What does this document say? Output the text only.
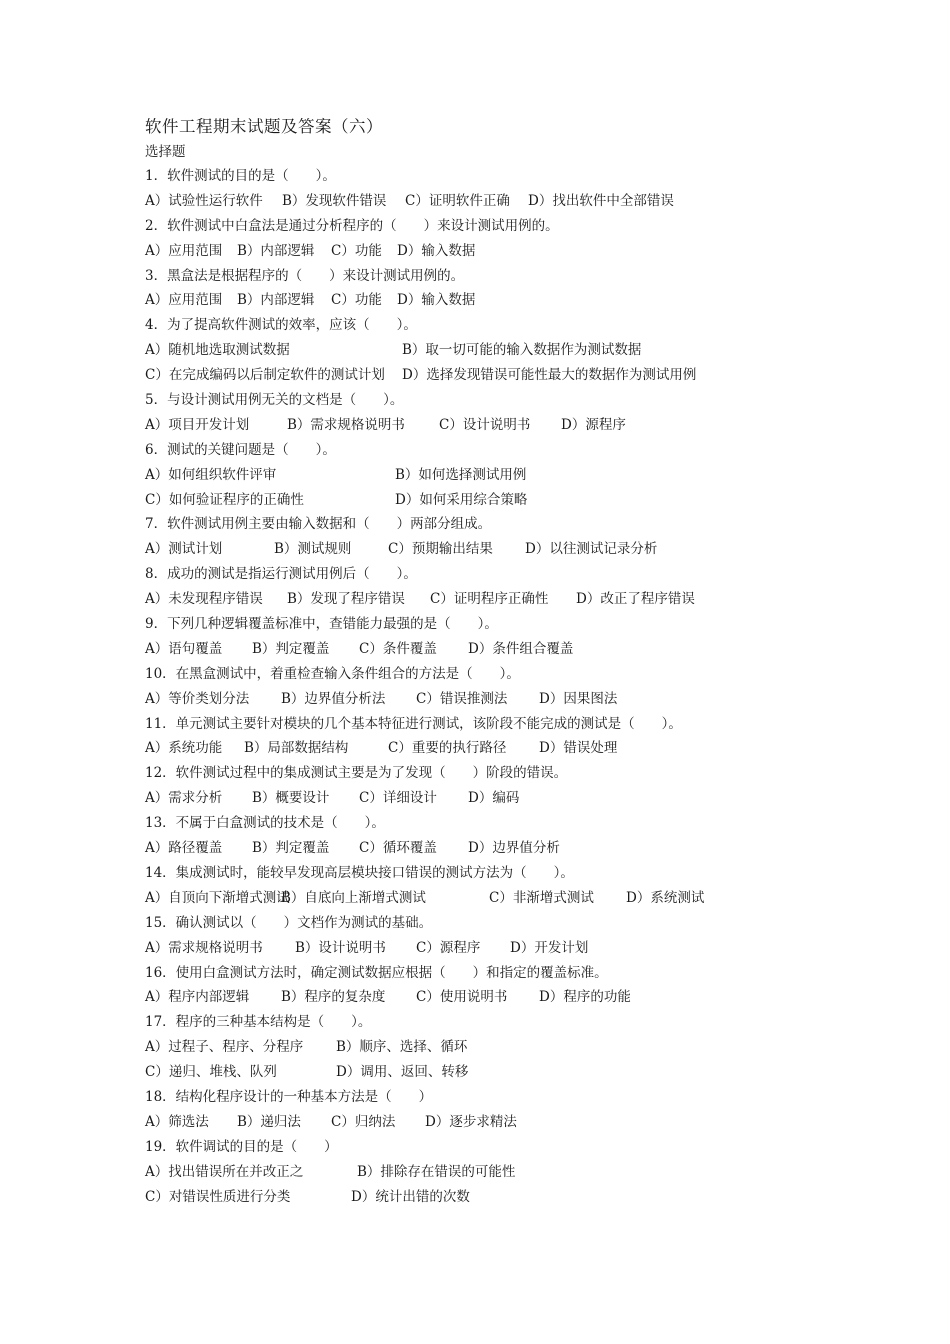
软件工程期末试题及答案（六）
选择题
1．软件测试的目的是（　　）。
A）试验性运行软件 B）发现软件错误 C）证明软件正确 D）找出软件中全部错误
2．软件测试中白盒法是通过分析程序的（　　）来设计测试用例的。
A）应用范围 B）内部逻辑 C）功能 D）输入数据
3．黑盒法是根据程序的（　　）来设计测试用例的。
A）应用范围 B）内部逻辑 C）功能 D）输入数据
4．为了提高软件测试的效率，应该（　　）。
A）随机地选取测试数据	B）取一切可能的输入数据作为测试数据
C）在完成编码以后制定软件的测试计划 D）选择发现错误可能性最大的数据作为测试用例
5．与设计测试用例无关的文档是（　　）。
A）项目开发计划	B）需求规格说明书	C）设计说明书 D）源程序
6．测试的关键问题是（　　）。
A）如何组织软件评审	B）如何选择测试用例
C）如何验证程序的正确性	D）如何采用综合策略
7．软件测试用例主要由输入数据和（　　）两部分组成。
A）测试计划	B）测试规则	C）预期输出结果 D）以往测试记录分析
8．成功的测试是指运行测试用例后（　　）。
A）未发现程序错误 B）发现了程序错误 C）证明程序正确性 D）改正了程序错误
9．下列几种逻辑覆盖标准中，查错能力最强的是（　　）。
A）语句覆盖 B）判定覆盖 C）条件覆盖 D）条件组合覆盖
10．在黑盒测试中，着重检查输入条件组合的方法是（　　）。
A）等价类划分法 B）边界值分析法 C）错误推测法 D）因果图法
11．单元测试主要针对模块的几个基本特征进行测试，该阶段不能完成的测试是（　　）。
A）系统功能 B）局部数据结构	C）重要的执行路径 D）错误处理
12．软件测试过程中的集成测试主要是为了发现（　　）阶段的错误。
A）需求分析 B）概要设计 C）详细设计 D）编码
13．不属于白盒测试的技术是（　　）。
A）路径覆盖 B）判定覆盖 C）循环覆盖 D）边界值分析
14．集成测试时，能较早发现高层模块接口错误的测试方法为（　　）。
A）自顶向下渐增式测试
B）自底向上渐增式测试	C）非渐增式测试 D）系统测试
15．确认测试以（　　）文档作为测试的基础。
A）需求规格说明书 B）设计说明书 C）源程序 D）开发计划
16．使用白盒测试方法时，确定测试数据应根据（　　）和指定的覆盖标准。
A）程序内部逻辑 B）程序的复杂度 C）使用说明书 D）程序的功能
17．程序的三种基本结构是（　　）。
A）过程子、程序、分程序 B）顺序、选择、循环
C）递归、堆栈、队列	D）调用、返回、转移
18．结构化程序设计的一种基本方法是（　　）
A）筛选法 B）递归法 C）归纳法 D）逐步求精法
19．软件调试的目的是（　　）
A）找出错误所在并改正之	B）排除存在错误的可能性
C）对错误性质进行分类	D）统计出错的次数
